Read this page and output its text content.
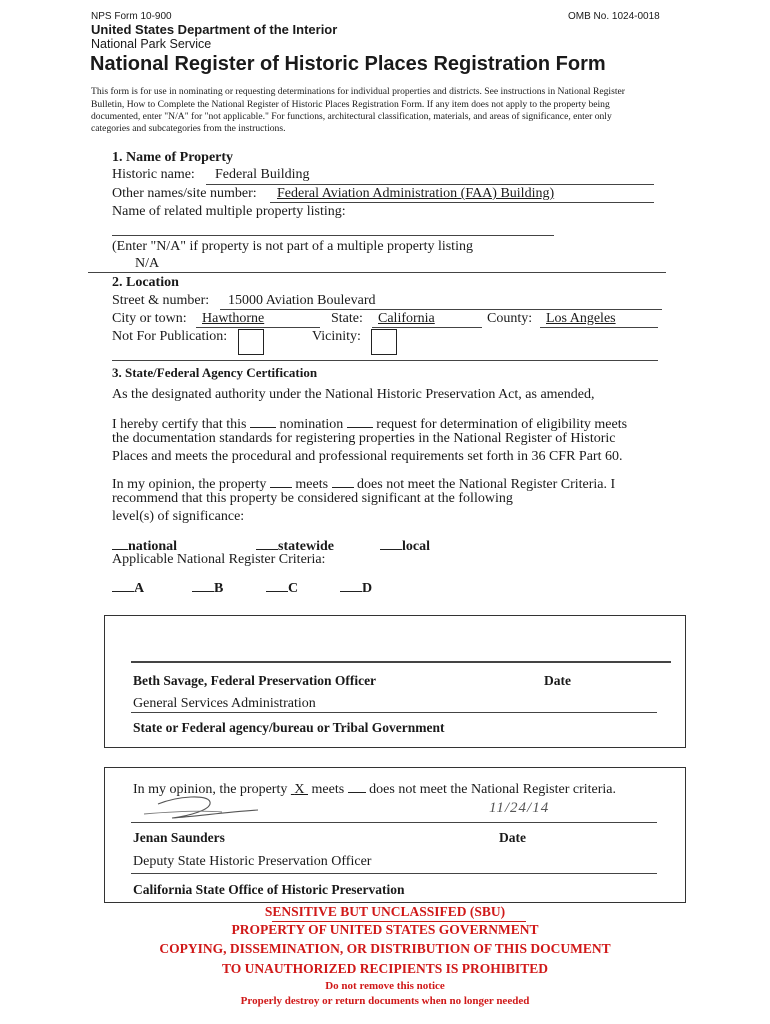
NPS Form 10-900	OMB No. 1024-0018
United States Department of the Interior
National Park Service
National Register of Historic Places Registration Form
This form is for use in nominating or requesting determinations for individual properties and districts. See instructions in National Register
Bulletin, How to Complete the National Register of Historic Places Registration Form. If any item does not apply to the property being
documented, enter "N/A" for "not applicable." For functions, architectural classification, materials, and areas of significance, enter only
categories and subcategories from the instructions.
1. Name of Property
Historic name: Federal Building
Other names/site number: Federal Aviation Administration (FAA) Building)
Name of related multiple property listing:
(Enter "N/A" if property is not part of a multiple property listing
N/A
2. Location
Street & number: 15000 Aviation Boulevard
City or town: Hawthorne	State: California	County: Los Angeles
Not For Publication:	Vicinity:
3. State/Federal Agency Certification
As the designated authority under the National Historic Preservation Act, as amended,
I hereby certify that this nomination request for determination of eligibility meets
the documentation standards for registering properties in the National Register of Historic
Places and meets the procedural and professional requirements set forth in 36 CFR Part 60.
In my opinion, the property meets does not meet the National Register Criteria. I
recommend that this property be considered significant at the following
level(s) of significance:
national	statewide	local
Applicable National Register Criteria:
A	B	C	D
Beth Savage, Federal Preservation Officer	Date
General Services Administration
State or Federal agency/bureau or Tribal Government
In my opinion, the property X meets does not meet the National Register criteria.
11/24/14
Jenan Saunders	Date
Deputy State Historic Preservation Officer
California State Office of Historic Preservation
SENSITIVE BUT UNCLASSIFED (SBU)
PROPERTY OF UNITED STATES GOVERNMENT
COPYING, DISSEMINATION, OR DISTRIBUTION OF THIS DOCUMENT
TO UNAUTHORIZED RECIPIENTS IS PROHIBITED
Do not remove this notice
Properly destroy or return documents when no longer needed
